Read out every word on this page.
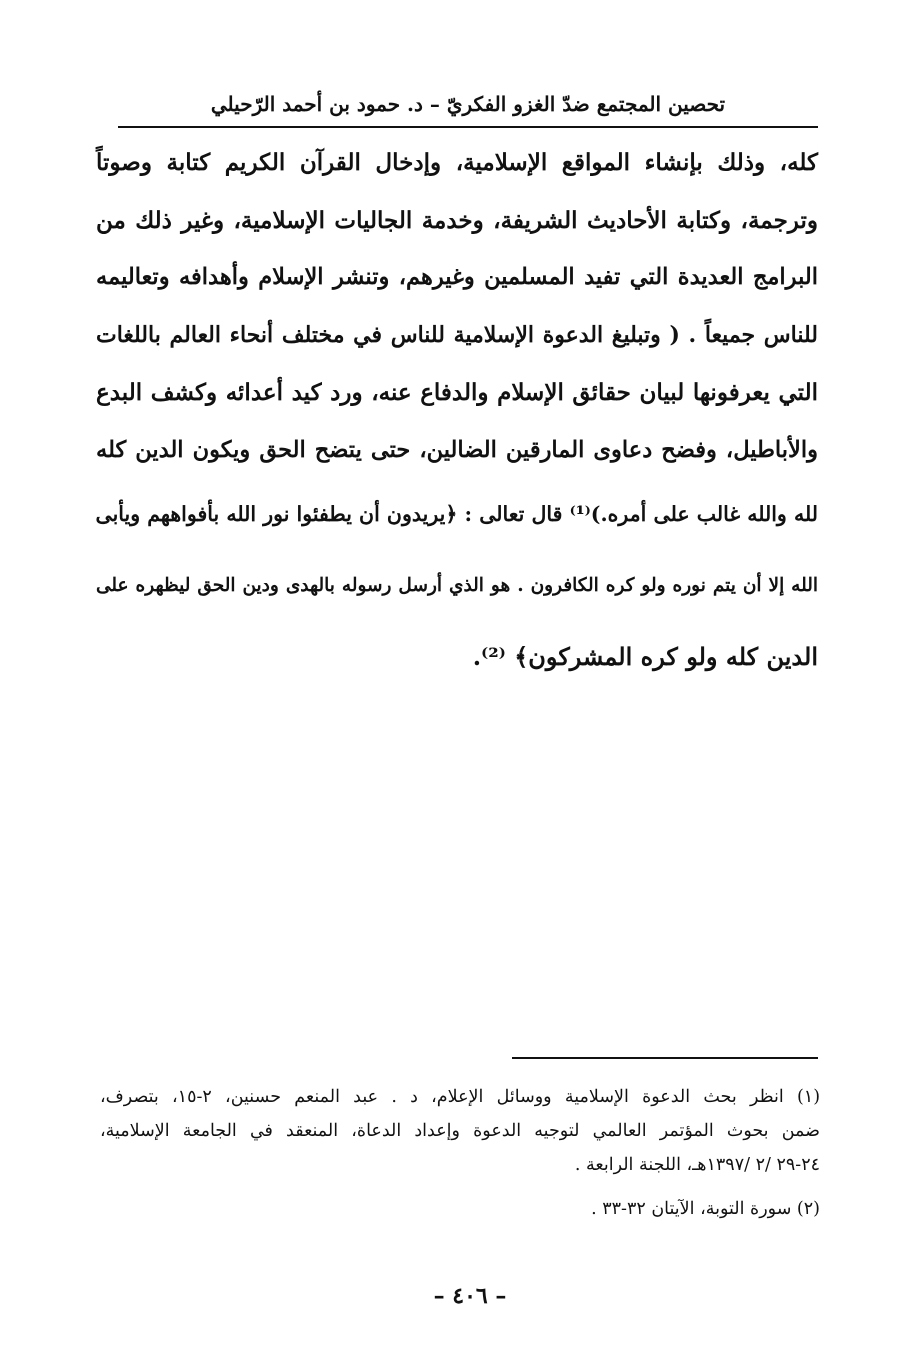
تحصين المجتمع ضدّ الغزو الفكريّ – د. حمود بن أحمد الرّحيلي
كله، وذلك بإنشاء المواقع الإسلامية، وإدخال القرآن الكريم كتابة وصوتاً
وترجمة، وكتابة الأحاديث الشريفة، وخدمة الجاليات الإسلامية، وغير ذلك من
البرامج العديدة التي تفيد المسلمين وغيرهم، وتنشر الإسلام وأهدافه وتعاليمه
للناس جميعاً . ( وتبليغ الدعوة الإسلامية للناس في مختلف أنحاء العالم باللغات
التي يعرفونها لبيان حقائق الإسلام والدفاع عنه، ورد كيد أعدائه وكشف البدع
والأباطيل، وفضح دعاوى المارقين الضالين، حتى يتضح الحق ويكون الدين كله
لله والله غالب على أمره.)⁽¹⁾ قال تعالى : ﴿يريدون أن يطفئوا نور الله بأفواههم ويأبى
الله إلا أن يتم نوره ولو كره الكافرون . هو الذي أرسل رسوله بالهدى ودين الحق ليظهره على
الدين كله ولو كره المشركون﴾ ⁽²⁾.
(١) انظر بحث الدعوة الإسلامية ووسائل الإعلام، د . عبد المنعم حسنين، ٢-١٥، بتصرف،
ضمن بحوث المؤتمر العالمي لتوجيه الدعوة وإعداد الدعاة، المنعقد في الجامعة الإسلامية،
٢٤-٢٩ /٢ /١٣٩٧هـ، اللجنة الرابعة .
(٢) سورة التوبة، الآيتان ٣٢-٣٣ .
– ٤٠٦ –
